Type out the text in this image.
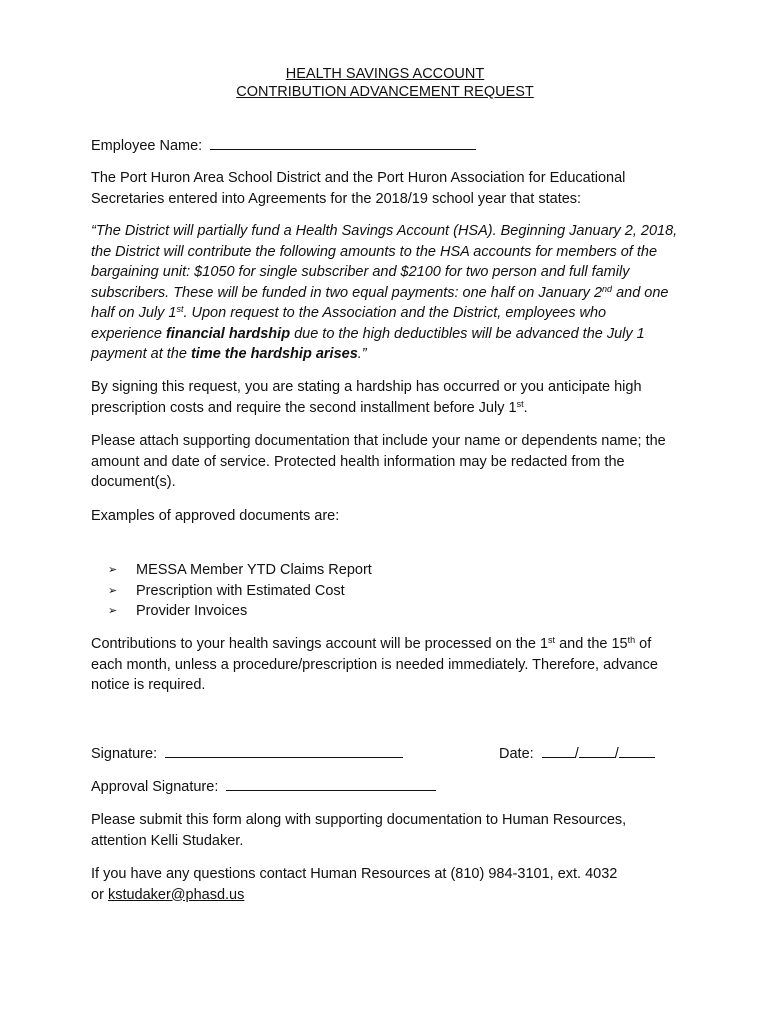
HEALTH SAVINGS ACCOUNT
CONTRIBUTION ADVANCEMENT REQUEST
Employee Name:

The Port Huron Area School District and the Port Huron Association for Educational Secretaries entered into Agreements for the 2018/19 school year that states:

“The District will partially fund a Health Savings Account (HSA). Beginning January 2, 2018, the District will contribute the following amounts to the HSA accounts for members of the bargaining unit: $1050 for single subscriber and $2100 for two person and full family subscribers. These will be funded in two equal payments: one half on January 2nd and one half on July 1st. Upon request to the Association and the District, employees who experience financial hardship due to the high deductibles will be advanced the July 1 payment at the time the hardship arises.”

By signing this request, you are stating a hardship has occurred or you anticipate high prescription costs and require the second installment before July 1st.

Please attach supporting documentation that include your name or dependents name; the amount and date of service. Protected health information may be redacted from the document(s).

Examples of approved documents are:

➢	MESSA Member YTD Claims Report
➢	Prescription with Estimated Cost
➢	Provider Invoices

Contributions to your health savings account will be processed on the 1st and the 15th of each month, unless a procedure/prescription is needed immediately. Therefore, advance notice is required.

Signature:	Date:	/ /
Approval Signature:

Please submit this form along with supporting documentation to Human Resources, attention Kelli Studaker.

If you have any questions contact Human Resources at (810) 984-3101, ext. 4032
or kstudaker@phasd.us
